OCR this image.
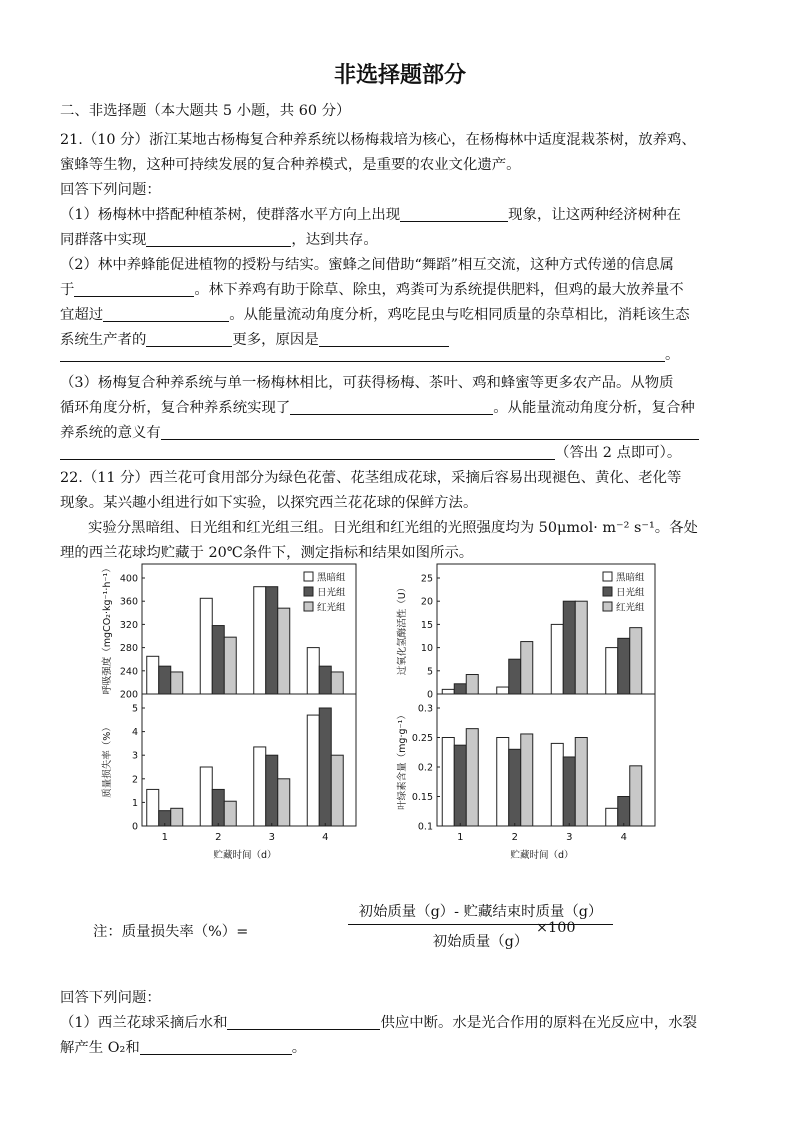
非选择题部分
二、非选择题（本大题共 5 小题，共 60 分）
21.（10 分）浙江某地古杨梅复合种养系统以杨梅栽培为核心，在杨梅林中适度混栽茶树，放养鸡、
蜜蜂等生物，这种可持续发展的复合种养模式，是重要的农业文化遗产。
回答下列问题：
（1）杨梅林中搭配种植茶树，使群落水平方向上出现	现象，让这两种经济树种在
同群落中实现	，达到共存。
（2）林中养蜂能促进植物的授粉与结实。蜜蜂之间借助“舞蹈”相互交流，这种方式传递的信息属
于	。林下养鸡有助于除草、除虫，鸡粪可为系统提供肥料，但鸡的最大放养量不
宜超过	。从能量流动角度分析，鸡吃昆虫与吃相同质量的杂草相比，消耗该生态
系统生产者的	更多，原因是
。
（3）杨梅复合种养系统与单一杨梅林相比，可获得杨梅、茶叶、鸡和蜂蜜等更多农产品。从物质
循环角度分析，复合种养系统实现了	。从能量流动角度分析，复合种
养系统的意义有
（答出 2 点即可）。
22.（11 分）西兰花可食用部分为绿色花蕾、花茎组成花球，采摘后容易出现褪色、黄化、老化等
现象。某兴趣小组进行如下实验，以探究西兰花花球的保鲜方法。
实验分黑暗组、日光组和红光组三组。日光组和红光组的光照强度均为 50μmol· m⁻² s⁻¹。各处
理的西兰花球均贮藏于 20℃条件下，测定指标和结果如图所示。
200
240
280
320
360
400
呼吸强度（mgCO₂·kg⁻¹·h⁻¹）	黑暗组
日光组
红光组
0
5
10
15
20
25
过氧化氢酶活性（U）
黑暗组
日光组
红光组
0
1
2
3
4
5
质量损失率（%）
1	2	3	4
贮藏时间（d）
0.1
0.15
0.2
0.25
0.3
叶绿素含量（mg·g⁻¹）
1	2	3	4
贮藏时间（d）
注：质量损失率（%）=
初始质量（g）- 贮藏结束时质量（g）
初始质量（g）
×100
回答下列问题：
（1）西兰花球采摘后水和	供应中断。水是光合作用的原料在光反应中，水裂
解产生 O₂和	。
